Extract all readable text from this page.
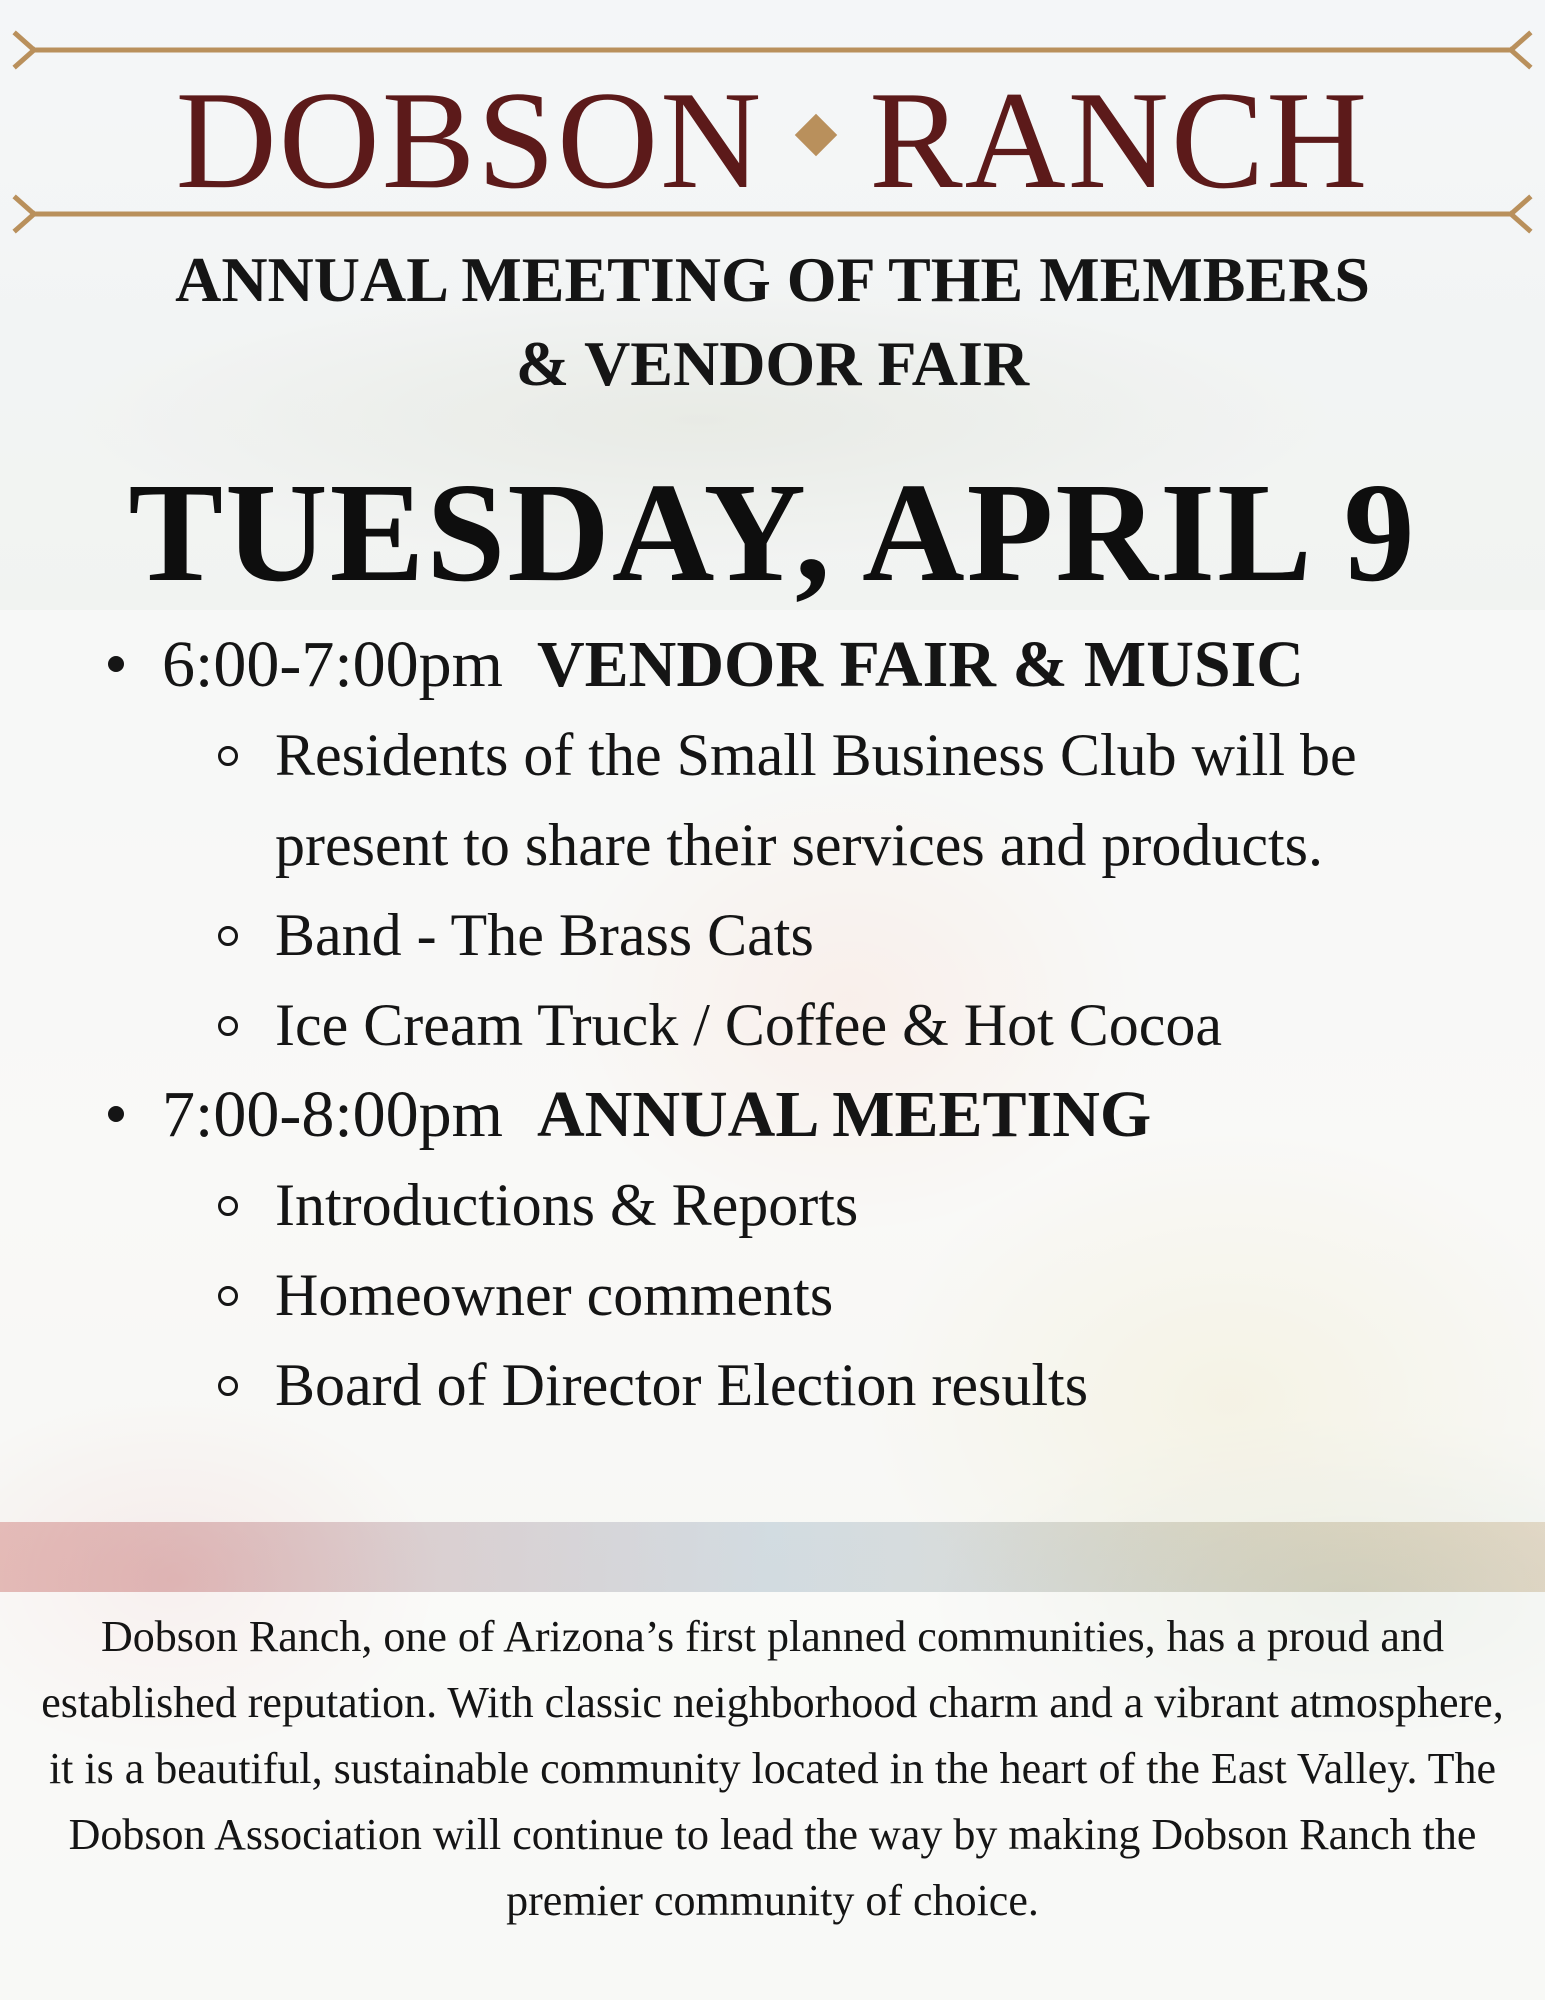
DOBSON RANCH
ANNUAL MEETING OF THE MEMBERS
& VENDOR FAIR
TUESDAY, APRIL 9
6:00-7:00pm VENDOR FAIR & MUSIC
Residents of the Small Business Club will be present to share their services and products.
Band - The Brass Cats
Ice Cream Truck / Coffee & Hot Cocoa
7:00-8:00pm ANNUAL MEETING
Introductions & Reports
Homeowner comments
Board of Director Election results
Dobson Ranch, one of Arizona’s first planned communities, has a proud and established reputation. With classic neighborhood charm and a vibrant atmosphere, it is a beautiful, sustainable community located in the heart of the East Valley. The Dobson Association will continue to lead the way by making Dobson Ranch the premier community of choice.
